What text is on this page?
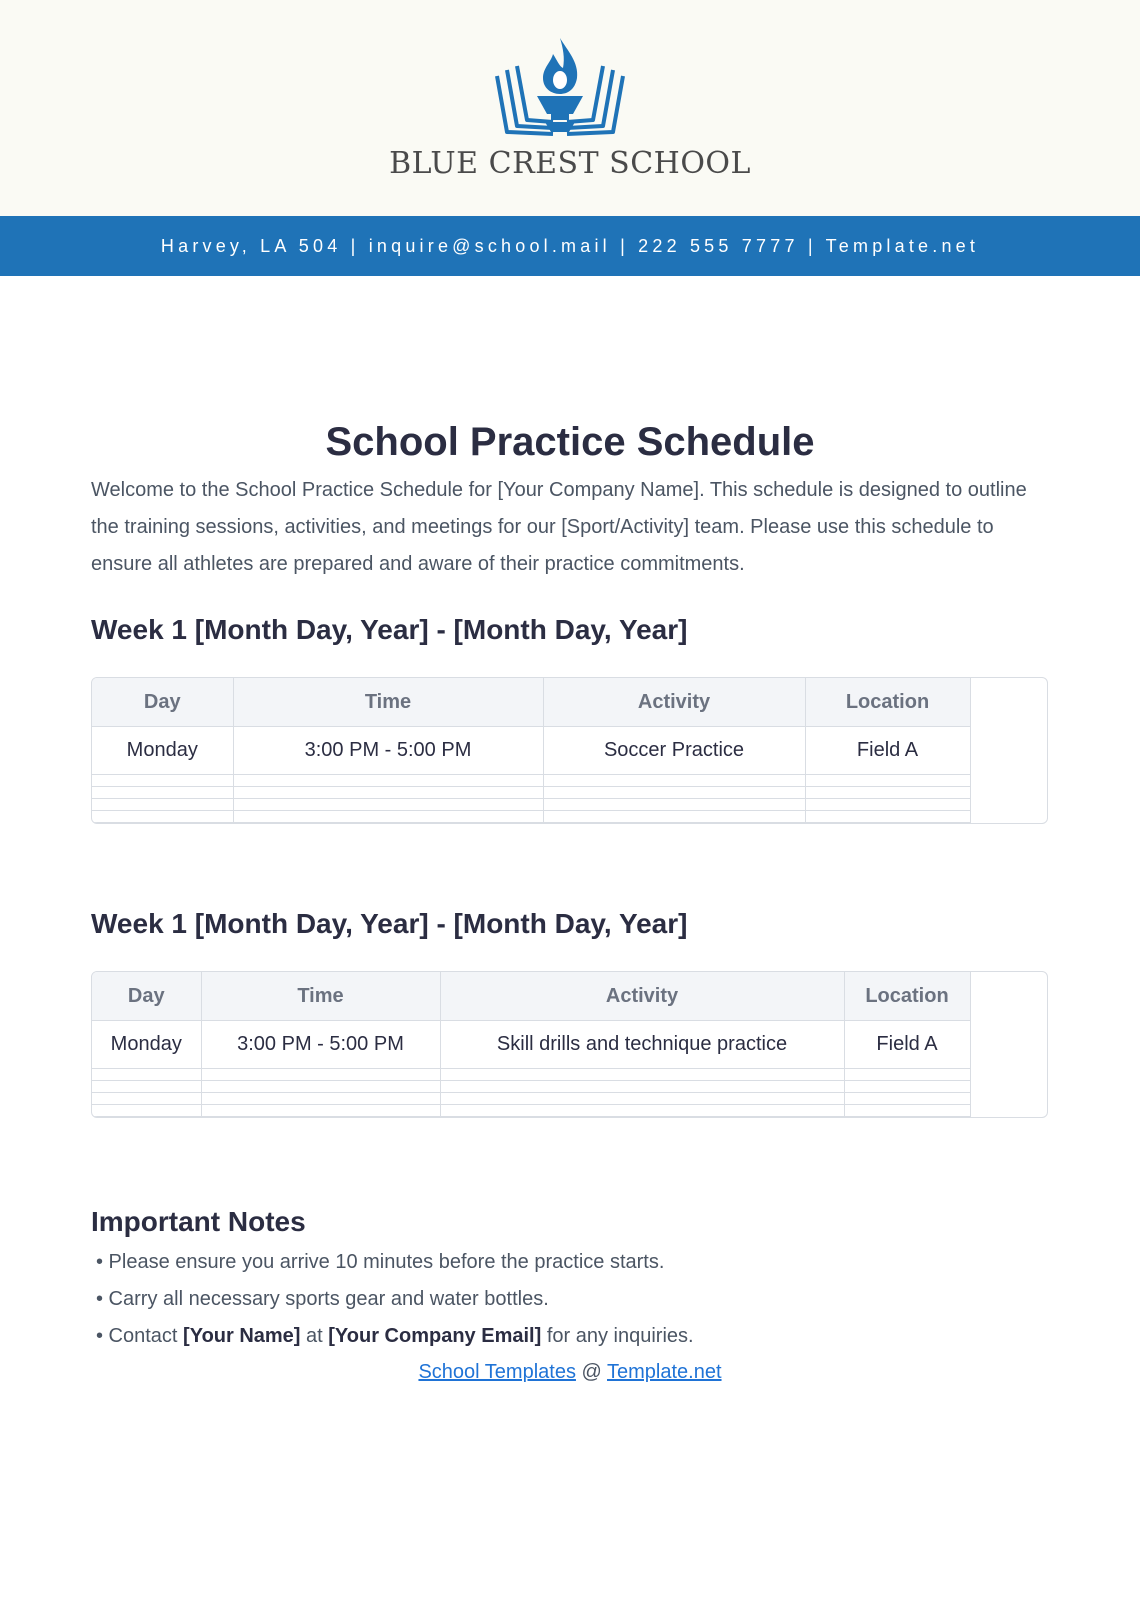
BLUE CREST SCHOOL
Harvey, LA 504 | inquire@school.mail | 222 555 7777 | Template.net
School Practice Schedule

Welcome to the School Practice Schedule for [Your Company Name]. This schedule is designed to outline the training sessions, activities, and meetings for our [Sport/Activity] team. Please use this schedule to ensure all athletes are prepared and aware of their practice commitments.

Week 1 [Month Day, Year] - [Month Day, Year]
Day	Time	Activity	Location
Monday	3:00 PM - 5:00 PM	Soccer Practice	Field A

Week 1 [Month Day, Year] - [Month Day, Year]
Day	Time	Activity	Location
Monday	3:00 PM - 5:00 PM	Skill drills and technique practice	Field A

Important Notes
• Please ensure you arrive 10 minutes before the practice starts.
• Carry all necessary sports gear and water bottles.
• Contact [Your Name] at [Your Company Email] for any inquiries.
School Templates @ Template.net
